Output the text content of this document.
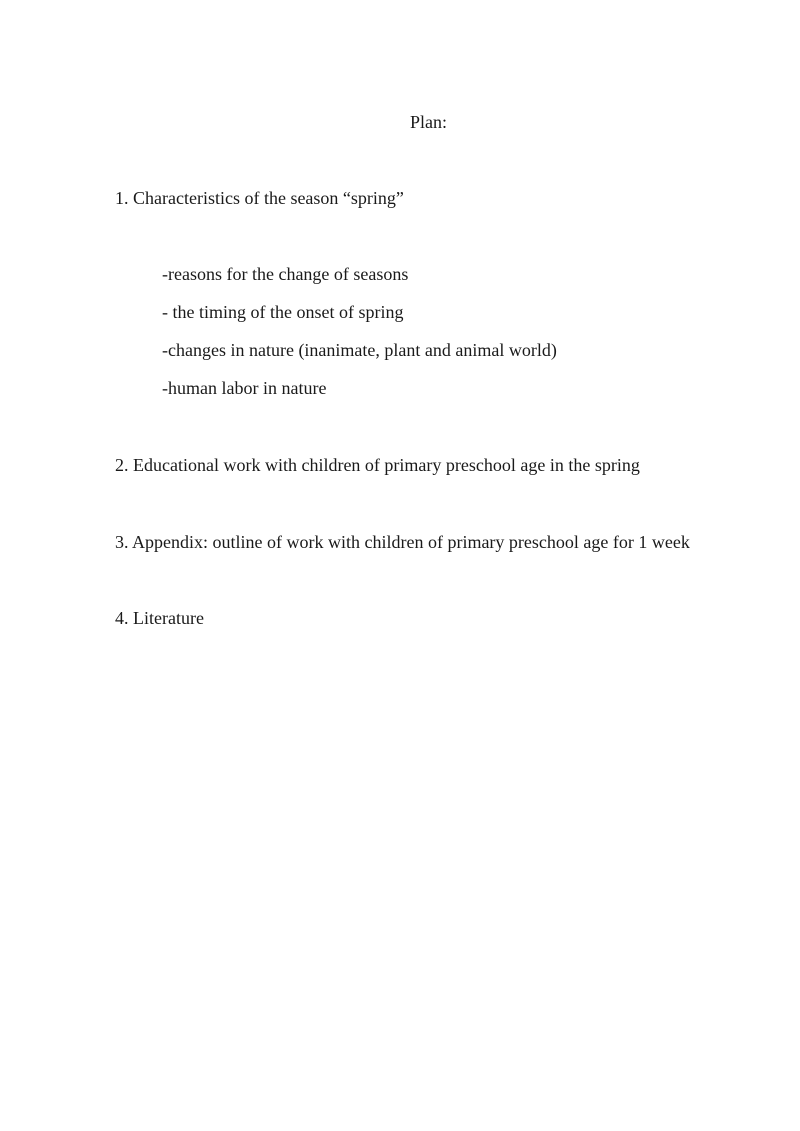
Plan:
1. Characteristics of the season “spring”
-reasons for the change of seasons
- the timing of the onset of spring
-changes in nature (inanimate, plant and animal world)
-human labor in nature
2. Educational work with children of primary preschool age in the spring
3. Appendix: outline of work with children of primary preschool age for 1 week
4. Literature
